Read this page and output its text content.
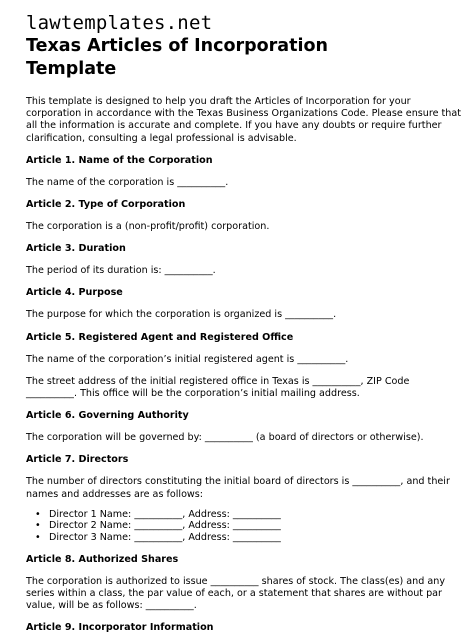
lawtemplates.net
Texas Articles of Incorporation
Template

This template is designed to help you draft the Articles of Incorporation for your corporation in accordance with the Texas Business Organizations Code. Please ensure that all the information is accurate and complete. If you have any doubts or require further clarification, consulting a legal professional is advisable.

Article 1. Name of the Corporation

The name of the corporation is __________.

Article 2. Type of Corporation

The corporation is a (non-profit/profit) corporation.

Article 3. Duration

The period of its duration is: __________.

Article 4. Purpose

The purpose for which the corporation is organized is __________.

Article 5. Registered Agent and Registered Office

The name of the corporation’s initial registered agent is __________.

The street address of the initial registered office in Texas is __________, ZIP Code
__________. This office will be the corporation’s initial mailing address.

Article 6. Governing Authority

The corporation will be governed by: __________ (a board of directors or otherwise).

Article 7. Directors

The number of directors constituting the initial board of directors is __________, and their
names and addresses are as follows:

• Director 1 Name: __________, Address: __________
• Director 2 Name: __________, Address: __________
• Director 3 Name: __________, Address: __________
Article 8. Authorized Shares

The corporation is authorized to issue __________ shares of stock. The class(es) and any
series within a class, the par value of each, or a statement that shares are without par
value, will be as follows: __________.

Article 9. Incorporator Information
